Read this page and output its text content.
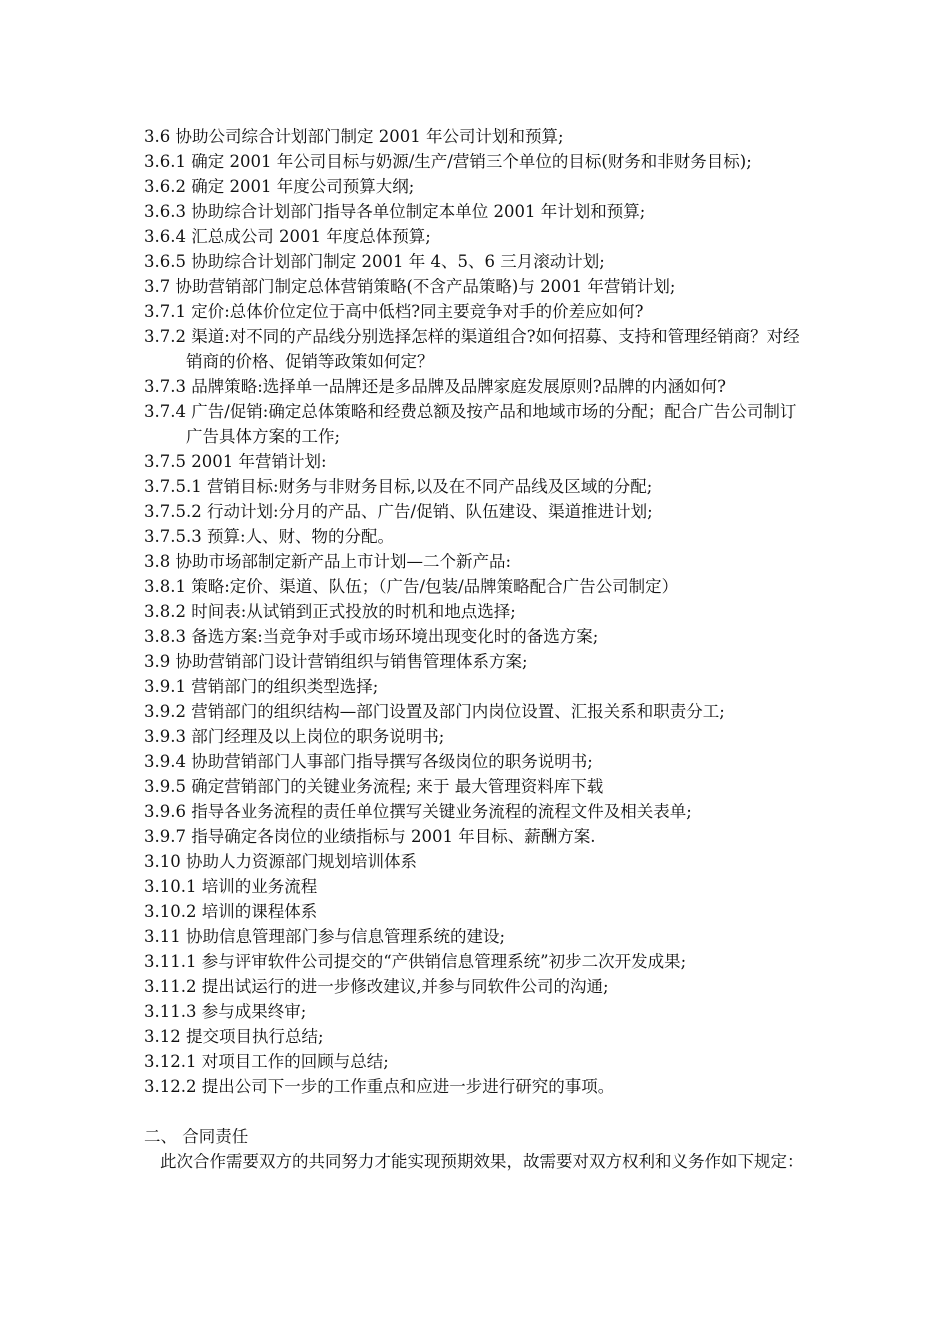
3.6 协助公司综合计划部门制定 2001 年公司计划和预算;

3.6.1 确定 2001 年公司目标与奶源/生产/营销三个单位的目标(财务和非财务目标);

3.6.2 确定 2001 年度公司预算大纲;

3.6.3 协助综合计划部门指导各单位制定本单位 2001 年计划和预算;

3.6.4 汇总成公司 2001 年度总体预算;

3.6.5 协助综合计划部门制定 2001 年 4、5、6 三月滚动计划;

3.7 协助营销部门制定总体营销策略(不含产品策略)与 2001 年营销计划;

3.7.1 定价:总体价位定位于高中低档?同主要竞争对手的价差应如何?

3.7.2 渠道:对不同的产品线分别选择怎样的渠道组合?如何招募、支持和管理经销商？对经销商的价格、促销等政策如何定？

3.7.3 品牌策略:选择单一品牌还是多品牌及品牌家庭发展原则?品牌的内涵如何?

3.7.4 广告/促销:确定总体策略和经费总额及按产品和地域市场的分配；配合广告公司制订广告具体方案的工作;

3.7.5 2001 年营销计划:

3.7.5.1 营销目标:财务与非财务目标,以及在不同产品线及区域的分配;

3.7.5.2 行动计划:分月的产品、广告/促销、队伍建设、渠道推进计划;

3.7.5.3 预算:人、财、物的分配。

3.8 协助市场部制定新产品上市计划—二个新产品:

3.8.1 策略:定价、渠道、队伍；（广告/包装/品牌策略配合广告公司制定）

3.8.2 时间表:从试销到正式投放的时机和地点选择;

3.8.3 备选方案:当竞争对手或市场环境出现变化时的备选方案;

3.9 协助营销部门设计营销组织与销售管理体系方案;

3.9.1 营销部门的组织类型选择;

3.9.2 营销部门的组织结构—部门设置及部门内岗位设置、汇报关系和职责分工;

3.9.3 部门经理及以上岗位的职务说明书;

3.9.4 协助营销部门人事部门指导撰写各级岗位的职务说明书;

3.9.5 确定营销部门的关键业务流程; 来于 最大管理资料库下载

3.9.6 指导各业务流程的责任单位撰写关键业务流程的流程文件及相关表单;

3.9.7 指导确定各岗位的业绩指标与 2001 年目标、薪酬方案.

3.10 协助人力资源部门规划培训体系

3.10.1 培训的业务流程

3.10.2 培训的课程体系

3.11 协助信息管理部门参与信息管理系统的建设;

3.11.1 参与评审软件公司提交的“产供销信息管理系统”初步二次开发成果;

3.11.2 提出试运行的进一步修改建议,并参与同软件公司的沟通;

3.11.3 参与成果终审;

3.12 提交项目执行总结;

3.12.1 对项目工作的回顾与总结;

3.12.2 提出公司下一步的工作重点和应进一步进行研究的事项。

二、 合同责任

此次合作需要双方的共同努力才能实现预期效果，故需要对双方权利和义务作如下规定：
